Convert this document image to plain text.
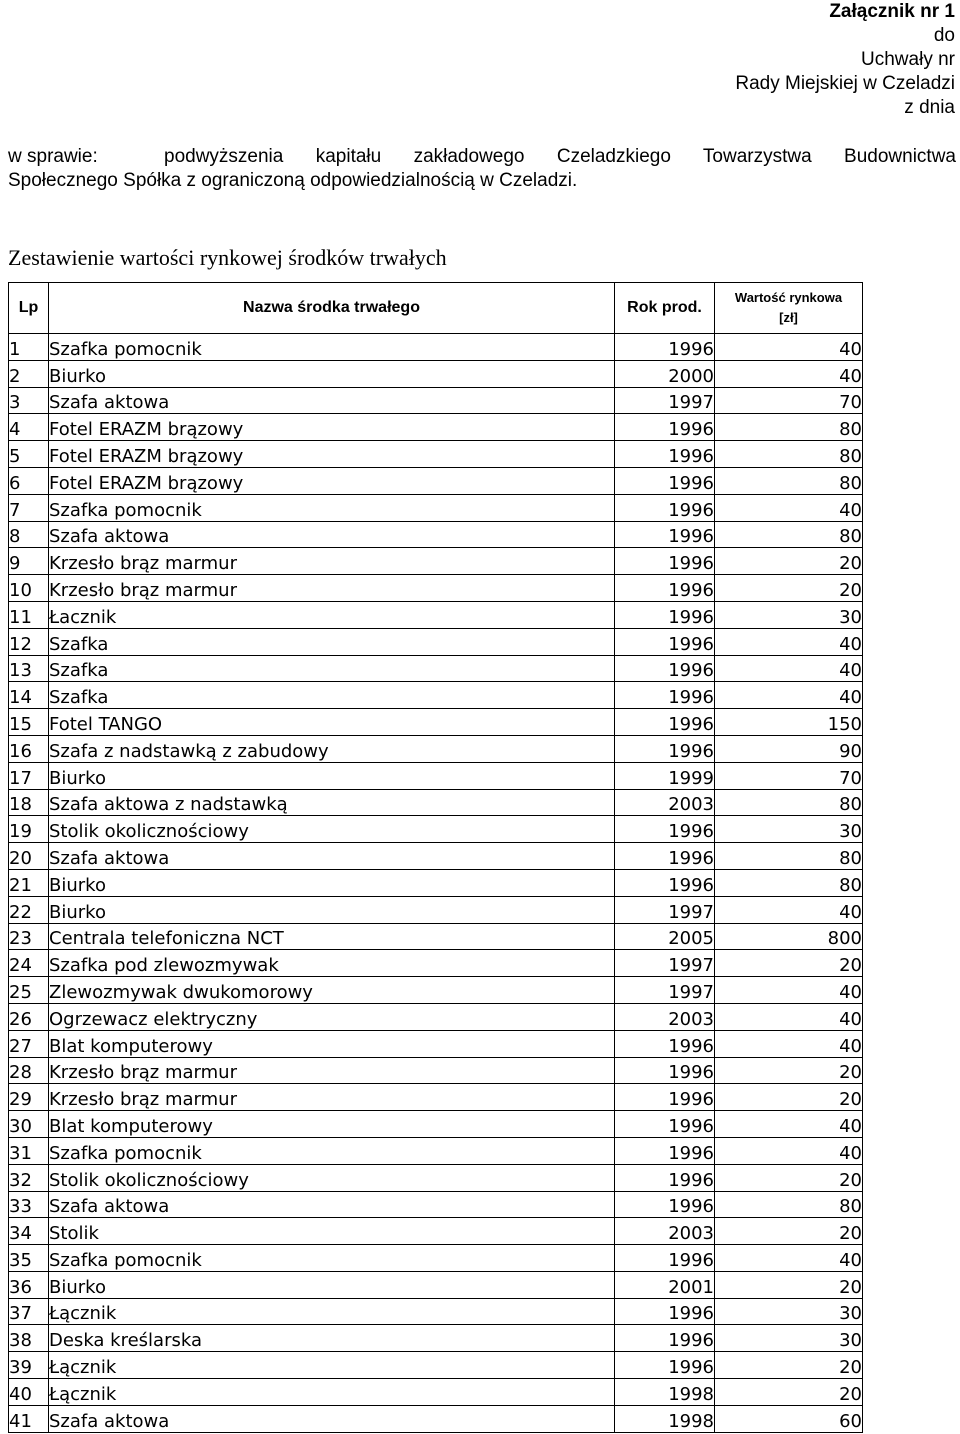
Załącznik nr 1
do
Uchwały nr
Rady Miejskiej w Czeladzi
z dnia
w sprawie:	podwyższenia kapitału zakładowego Czeladzkiego Towarzystwa Budownictwa
Społecznego Spółka z ograniczoną odpowiedzialnością w Czeladzi.
Zestawienie wartości rynkowej środków trwałych
Lp	Nazwa środka trwałego	Rok prod.	Wartość rynkowa
[zł]

1	Szafka pomocnik	1996	40
2	Biurko	2000	40
3	Szafa aktowa	1997	70
4	Fotel ERAZM brązowy	1996	80
5	Fotel ERAZM brązowy	1996	80
6	Fotel ERAZM brązowy	1996	80
7	Szafka pomocnik	1996	40
8	Szafa aktowa	1996	80
9	Krzesło brąz marmur	1996	20
10	Krzesło brąz marmur	1996	20
11	Łacznik	1996	30
12	Szafka	1996	40
13	Szafka	1996	40
14	Szafka	1996	40
15	Fotel TANGO	1996	150
16	Szafa z nadstawką z zabudowy	1996	90
17	Biurko	1999	70
18	Szafa aktowa z nadstawką	2003	80
19	Stolik okolicznościowy	1996	30
20	Szafa aktowa	1996	80
21	Biurko	1996	80
22	Biurko	1997	40
23	Centrala telefoniczna NCT	2005	800
24	Szafka pod zlewozmywak	1997	20
25	Zlewozmywak dwukomorowy	1997	40
26	Ogrzewacz elektryczny	2003	40
27	Blat komputerowy	1996	40
28	Krzesło brąz marmur	1996	20
29	Krzesło brąz marmur	1996	20
30	Blat komputerowy	1996	40
31	Szafka pomocnik	1996	40
32	Stolik okolicznościowy	1996	20
33	Szafa aktowa	1996	80
34	Stolik	2003	20
35	Szafka pomocnik	1996	40
36	Biurko	2001	20
37	Łącznik	1996	30
38	Deska kreślarska	1996	30
39	Łącznik	1996	20
40	Łącznik	1998	20
41	Szafa aktowa	1998	60
